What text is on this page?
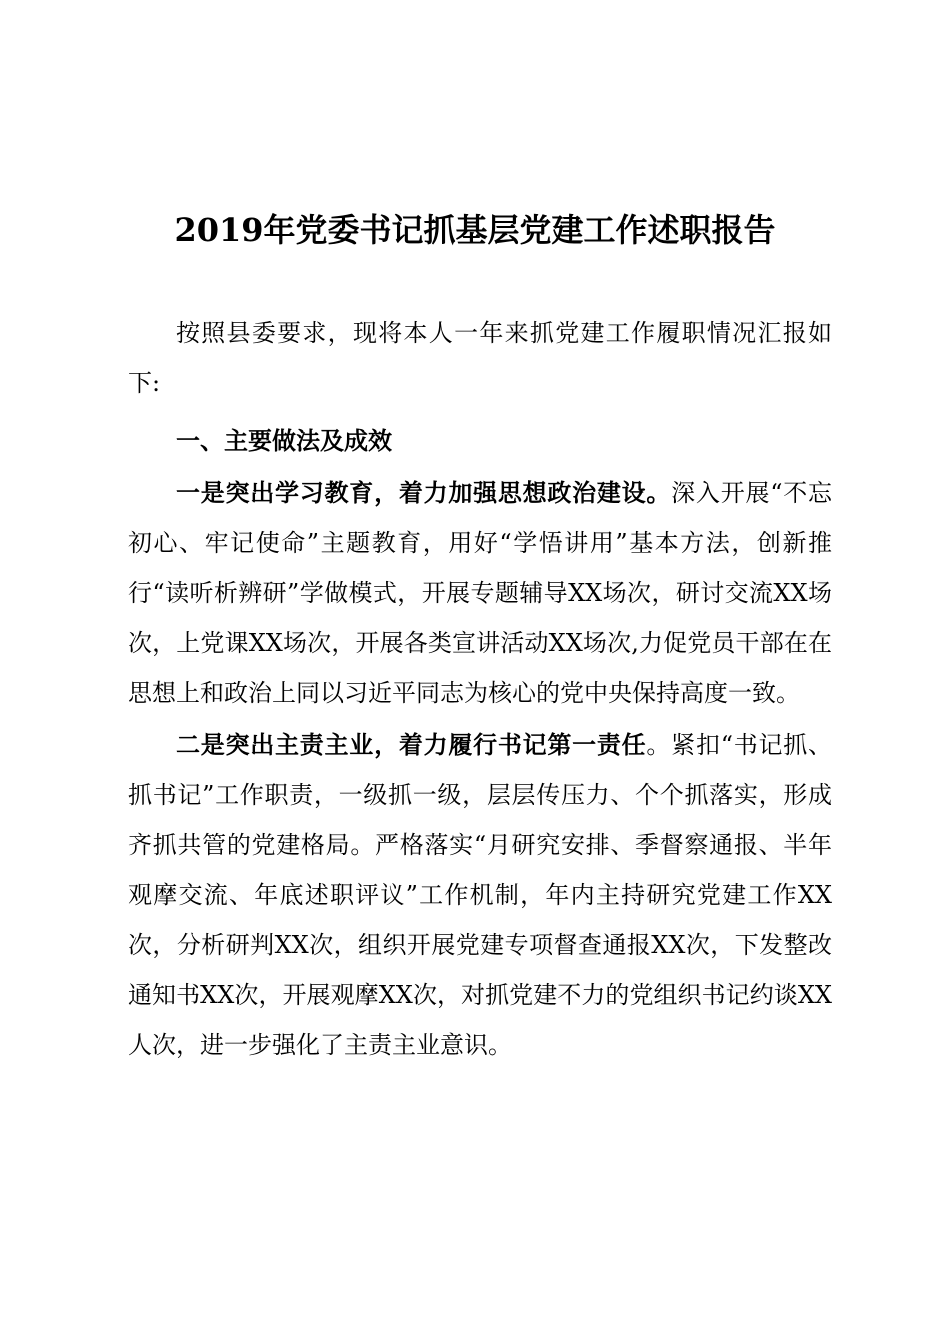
2019年党委书记抓基层党建工作述职报告

按照县委要求，现将本人一年来抓党建工作履职情况汇报如下:

一、主要做法及成效

一是突出学习教育，着力加强思想政治建设。深入开展“不忘初心、牢记使命”主题教育，用好“学悟讲用”基本方法，创新推行“读听析辨研”学做模式，开展专题辅导XX场次，研讨交流XX场次，上党课XX场次，开展各类宣讲活动XX场次,力促党员干部在在思想上和政治上同以习近平同志为核心的党中央保持高度一致。

二是突出主责主业，着力履行书记第一责任。紧扣“书记抓、抓书记”工作职责，一级抓一级，层层传压力、个个抓落实，形成齐抓共管的党建格局。严格落实“月研究安排、季督察通报、半年观摩交流、年底述职评议”工作机制，年内主持研究党建工作XX次，分析研判XX次，组织开展党建专项督查通报XX次，下发整改通知书XX次，开展观摩XX次，对抓党建不力的党组织书记约谈XX人次，进一步强化了主责主业意识。
